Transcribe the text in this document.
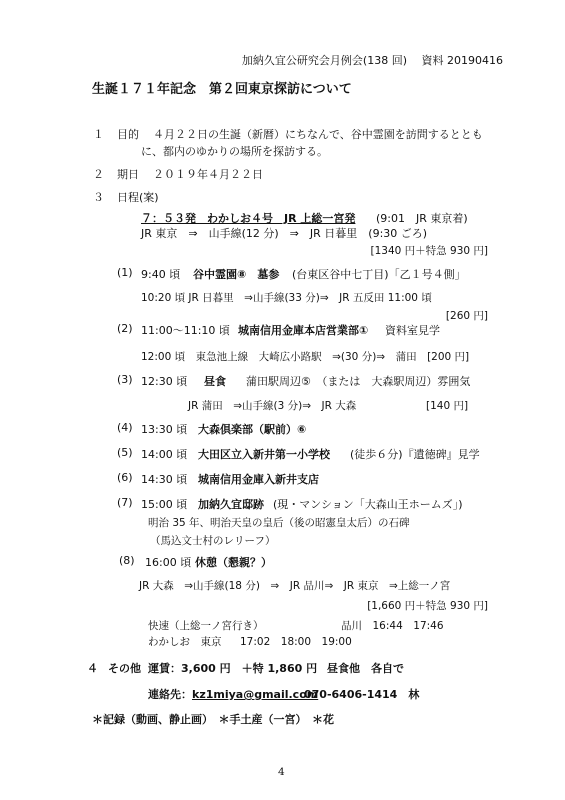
加納久宜公研究会月例会(138 回)　 資料 20190416
生誕１７１年記念　第２回東京探訪について
１ 目的 ４月２２日の生誕（新暦）にちなんで、谷中霊園を訪問するととも
に、都内のゆかりの場所を探訪する。
２ 期日 ２０１９年４月２２日
３ 日程(案)
７：５３発　わかしお４号　JR 上総一宮発 (9:01　JR 東京着)
JR 東京　⇒　山手線(12 分)　⇒　JR 日暮里　(9:30 ごろ)
[1340 円＋特急 930 円]
(1) 9:40 頃 谷中霊園⑧　墓参 (台東区谷中七丁目)「乙１号４側」
10:20 頃 JR 日暮里　⇒山手線(33 分)⇒　JR 五反田 11:00 頃
[260 円]
(2) 11:00～11:10 頃 城南信用金庫本店営業部① 資料室見学
12:00 頃　東急池上線　大崎広小路駅　⇒(30 分)⇒　蒲田　[200 円]
(3) 12:30 頃 昼食 蒲田駅周辺⑤　（または　大森駅周辺）雰囲気
JR 蒲田　⇒山手線(3 分)⇒　JR 大森	[140 円]
(4) 13:30 頃 大森倶楽部（駅前）⑥
(5) 14:00 頃 大田区立入新井第一小学校 (徒歩６分)『遺徳碑』見学
(6) 14:30 頃 城南信用金庫入新井支店
(7) 15:00 頃 加納久宜邸跡 (現・マンション「大森山王ホームズ」)
明治 35 年、明治天皇の皇后（後の昭憲皇太后）の石碑
（馬込文士村のレリーフ）
(8) 16:00 頃 休憩（懇親？）
JR 大森　⇒山手線(18 分)　⇒　JR 品川⇒　JR 東京　⇒上総一ノ宮
[1,660 円＋特急 930 円]
快速（上総一ノ宮行き）	品川　16:44　17:46
わかしお　東京 17:02　18:00　19:00
４ その他 運賃：3,600 円　＋特 1,860 円 昼食他　各自で
連絡先：kz1miya@gmail.com
070-6406-1414　林
＊記録（動画、静止画）　＊手土産（一宮）　＊花
4
